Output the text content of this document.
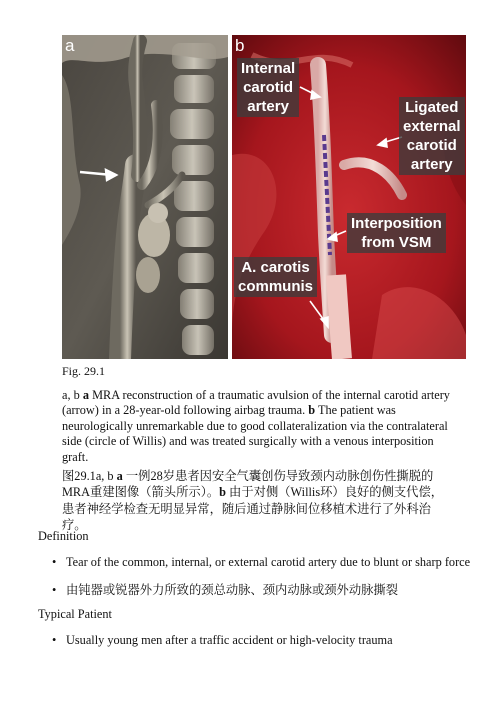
a	b
Internal
carotid
artery	Ligated
external
carotid
artery
Interposition
from VSM
A. carotis
communis
Fig. 29.1
a, b a MRA reconstruction of a traumatic avulsion of the internal carotid artery (arrow) in a 28-year-old following airbag trauma. b The patient was neurologically unremarkable due to good collateralization via the contralateral side (circle of Willis) and was treated surgically with a venous interposition graft.
图29.1a, b a 一例28岁患者因安全气囊创伤导致颈内动脉创伤性撕脱的MRA重建图像（箭头所示）。b 由于对侧（Willis环）良好的侧支代偿，患者神经学检查无明显异常，随后通过静脉间位移植术进行了外科治疗。
Definition
• Tear of the common, internal, or external carotid artery due to blunt or sharp force
• 由钝器或锐器外力所致的颈总动脉、颈内动脉或颈外动脉撕裂
Typical Patient
• Usually young men after a traffic accident or high-velocity trauma
